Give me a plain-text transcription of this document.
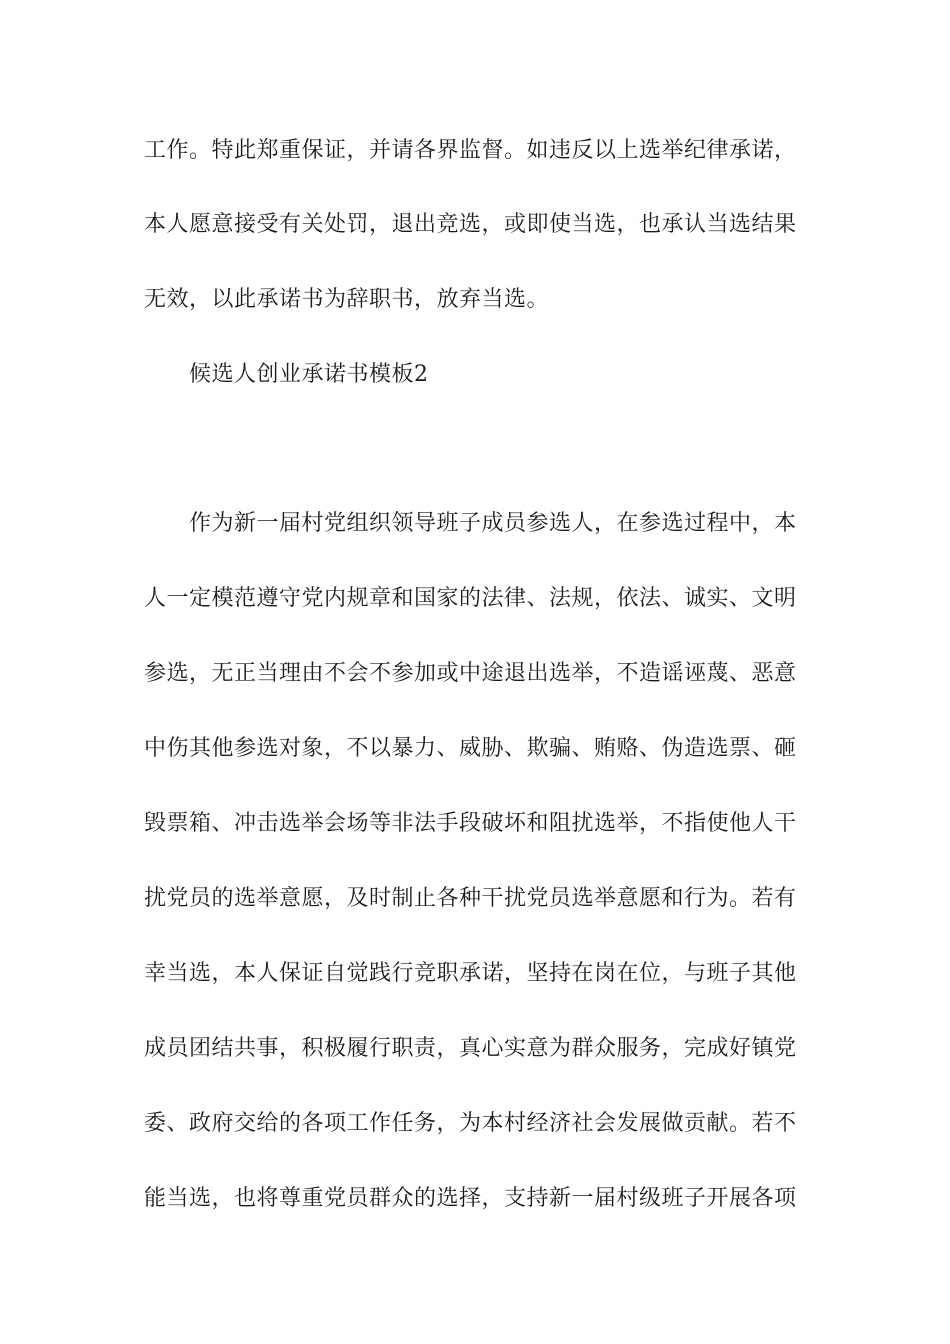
工作。特此郑重保证，并请各界监督。如违反以上选举纪律承诺，
本人愿意接受有关处罚，退出竞选，或即使当选，也承认当选结果
无效，以此承诺书为辞职书，放弃当选。
候选人创业承诺书模板2
作为新一届村党组织领导班子成员参选人，在参选过程中，本
人一定模范遵守党内规章和国家的法律、法规，依法、诚实、文明
参选，无正当理由不会不参加或中途退出选举，不造谣诬蔑、恶意
中伤其他参选对象，不以暴力、威胁、欺骗、贿赂、伪造选票、砸
毁票箱、冲击选举会场等非法手段破坏和阻扰选举，不指使他人干
扰党员的选举意愿，及时制止各种干扰党员选举意愿和行为。若有
幸当选，本人保证自觉践行竞职承诺，坚持在岗在位，与班子其他
成员团结共事，积极履行职责，真心实意为群众服务，完成好镇党
委、政府交给的各项工作任务，为本村经济社会发展做贡献。若不
能当选，也将尊重党员群众的选择，支持新一届村级班子开展各项
